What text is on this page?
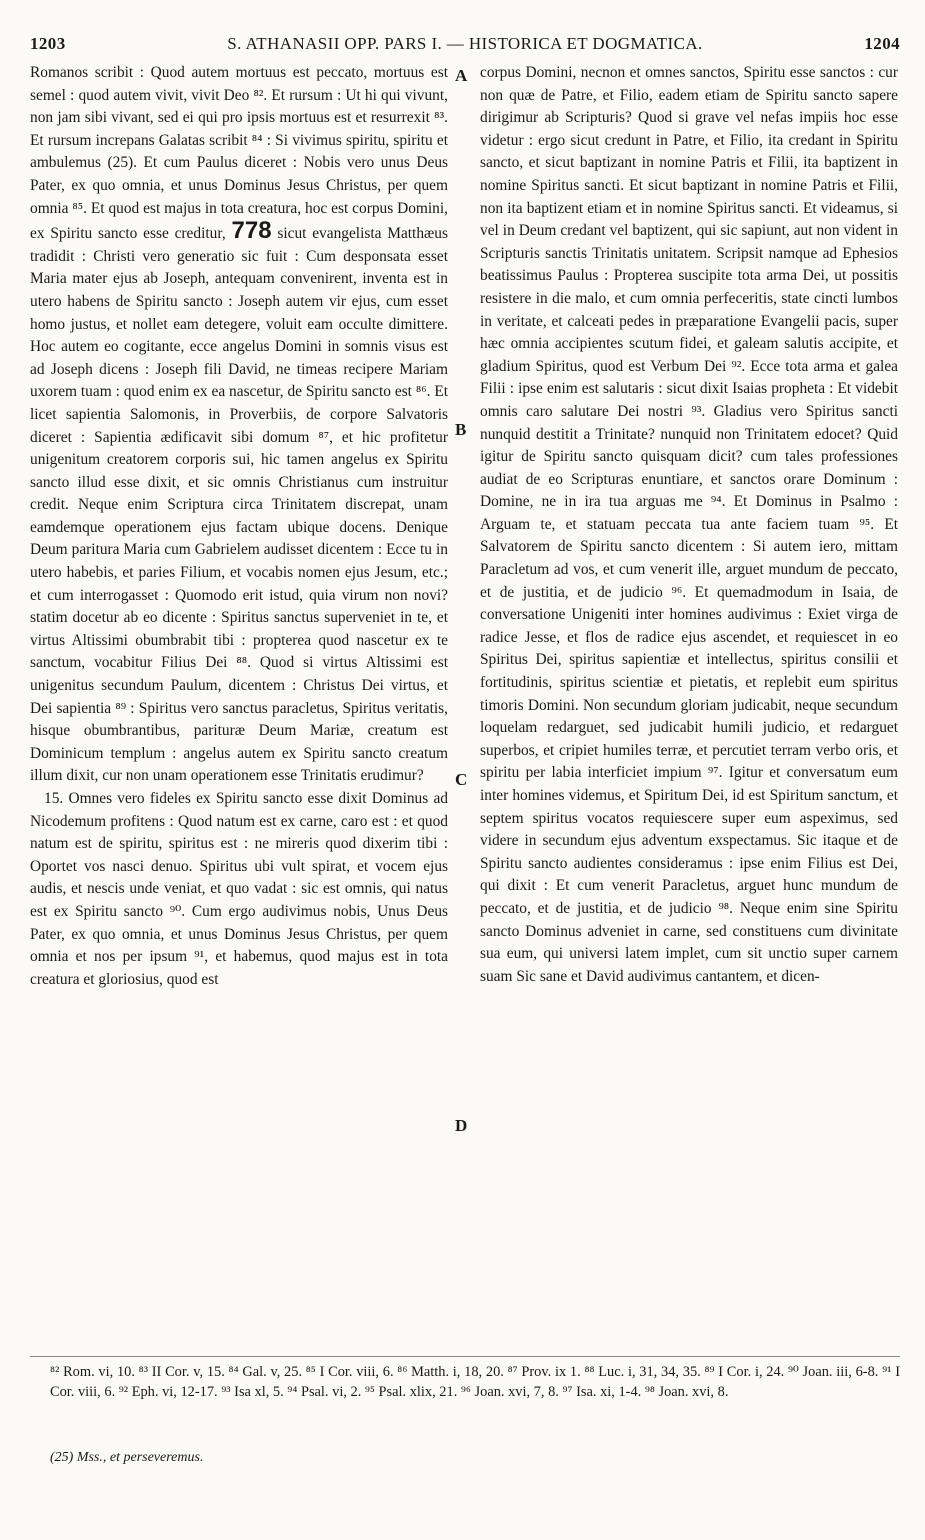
1203	S. ATHANASII OPP. PARS I. — HISTORICA ET DOGMATICA.	1204

Romanos scribit : Quod autem mortuus est peccato, mortuus est semel : quod autem vivit, vivit Deo ⁸². Et rursum : Ut hi qui vivunt, non jam sibi vivant, sed ei qui pro ipsis mortuus est et resurrexit ⁸³. Et rursum increpans Galatas scribit ⁸⁴ : Si vivimus spiritu, spiritu et ambulemus (25). Et cum Paulus diceret : Nobis vero unus Deus Pater, ex quo omnia, et unus Dominus Jesus Christus, per quem omnia ⁸⁵. Et quod est majus in tota creatura, hoc est corpus Domini, ex Spiritu sancto esse creditur, 778 sicut evangelista Matthæus tradidit : Christi vero generatio sic fuit : Cum desponsata esset Maria mater ejus ab Joseph, antequam convenirent, inventa est in utero habens de Spiritu sancto : Joseph autem vir ejus, cum esset homo justus, et nollet eam detegere, voluit eam occulte dimittere. Hoc autem eo cogitante, ecce angelus Domini in somnis visus est ad Joseph dicens : Joseph fili David, ne timeas recipere Mariam uxorem tuam : quod enim ex ea nascetur, de Spiritu sancto est ⁸⁶. Et licet sapientia Salomonis, in Proverbiis, de corpore Salvatoris diceret : Sapientia ædificavit sibi domum ⁸⁷, et hic profitetur unigenitum creatorem corporis sui, hic tamen angelus ex Spiritu sancto illud esse dixit, et sic omnis Christianus cum instruitur credit. Neque enim Scriptura circa Trinitatem discrepat, unam eamdemque operationem ejus factam ubique docens. Denique Deum paritura Maria cum Gabrielem audisset dicentem : Ecce tu in utero habebis, et paries Filium, et vocabis nomen ejus Jesum, etc.; et cum interrogasset : Quomodo erit istud, quia virum non novi? statim docetur ab eo dicente : Spiritus sanctus superveniet in te, et virtus Altissimi obumbrabit tibi : propterea quod nascetur ex te sanctum, vocabitur Filius Dei ⁸⁸. Quod si virtus Altissimi est unigenitus secundum Paulum, dicentem : Christus Dei virtus, et Dei sapientia ⁸⁹ : Spiritus vero sanctus paracletus, Spiritus veritatis, hisque obumbrantibus, parituræ Deum Mariæ, creatum est Dominicum templum : angelus autem ex Spiritu sancto creatum illum dixit, cur non unam operationem esse Trinitatis erudimur?

15. Omnes vero fideles ex Spiritu sancto esse dixit Dominus ad Nicodemum profitens : Quod natum est ex carne, caro est : et quod natum est de spiritu, spiritus est : ne mireris quod dixerim tibi : Oportet vos nasci denuo. Spiritus ubi vult spirat, et vocem ejus audis, et nescis unde veniat, et quo vadat : sic est omnis, qui natus est ex Spiritu sancto ⁹⁰. Cum ergo audivimus nobis, Unus Deus Pater, ex quo omnia, et unus Dominus Jesus Christus, per quem omnia et nos per ipsum ⁹¹, et habemus, quod majus est in tota creatura et gloriosius, quod est

corpus Domini, necnon et omnes sanctos, Spiritu esse sanctos : cur non quæ de Patre, et Filio, eadem etiam de Spiritu sancto sapere dirigimur ab Scripturis? Quod si grave vel nefas impiis hoc esse videtur : ergo sicut credunt in Patre, et Filio, ita credant in Spiritu sancto, et sicut baptizant in nomine Patris et Filii, ita baptizent in nomine Spiritus sancti. Et sicut baptizant in nomine Patris et Filii, non ita baptizent etiam et in nomine Spiritus sancti. Et videamus, si vel in Deum credant vel baptizent, qui sic sapiunt, aut non vident in Scripturis sanctis Trinitatis unitatem. Scripsit namque ad Ephesios beatissimus Paulus : Propterea suscipite tota arma Dei, ut possitis resistere in die malo, et cum omnia perfeceritis, state cincti lumbos in veritate, et calceati pedes in præparatione Evangelii pacis, super hæc omnia accipientes scutum fidei, et galeam salutis accipite, et gladium Spiritus, quod est Verbum Dei ⁹². Ecce tota arma et galea Filii : ipse enim est salutaris : sicut dixit Isaias propheta : Et videbit omnis caro salutare Dei nostri ⁹³. Gladius vero Spiritus sancti nunquid destitit a Trinitate? nunquid non Trinitatem edocet? Quid igitur de Spiritu sancto quisquam dicit? cum tales professiones audiat de eo Scripturas enuntiare, et sanctos orare Dominum : Domine, ne in ira tua arguas me ⁹⁴. Et Dominus in Psalmo : Arguam te, et statuam peccata tua ante faciem tuam ⁹⁵. Et Salvatorem de Spiritu sancto dicentem : Si autem iero, mittam Paracletum ad vos, et cum venerit ille, arguet mundum de peccato, et de justitia, et de judicio ⁹⁶. Et quemadmodum in Isaia, de conversatione Unigeniti inter homines audivimus : Exiet virga de radice Jesse, et flos de radice ejus ascendet, et requiescet in eo Spiritus Dei, spiritus sapientiæ et intellectus, spiritus consilii et fortitudinis, spiritus scientiæ et pietatis, et replebit eum spiritus timoris Domini. Non secundum gloriam judicabit, neque secundum loquelam redarguet, sed judicabit humili judicio, et redarguet superbos, et cripiet humiles terræ, et percutiet terram verbo oris, et spiritu per labia interficiet impium ⁹⁷. Igitur et conversatum eum inter homines videmus, et Spiritum Dei, id est Spiritum sanctum, et septem spiritus vocatos requiescere super eum aspeximus, sed videre in secundum ejus adventum exspectamus. Sic itaque et de Spiritu sancto audientes consideramus : ipse enim Filius est Dei, qui dixit : Et cum venerit Paracletus, arguet hunc mundum de peccato, et de justitia, et de judicio ⁹⁸. Neque enim sine Spiritu sancto Dominus adveniet in carne, sed constituens cum divinitate sua eum, qui universi latem implet, cum sit unctio super carnem suam Sic sane et David audivimus cantantem, et dicen-

A
B
C
D
⁸² Rom. vi, 10. ⁸³ II Cor. v, 15. ⁸⁴ Gal. v, 25. ⁸⁵ I Cor. viii, 6. ⁸⁶ Matth. i, 18, 20. ⁸⁷ Prov. ix 1. ⁸⁸ Luc. i, 31, 34, 35. ⁸⁹ I Cor. i, 24. ⁹⁰ Joan. iii, 6-8. ⁹¹ I Cor. viii, 6. ⁹² Eph. vi, 12-17. ⁹³ Isa xl, 5. ⁹⁴ Psal. vi, 2. ⁹⁵ Psal. xlix, 21. ⁹⁶ Joan. xvi, 7, 8. ⁹⁷ Isa. xi, 1-4. ⁹⁸ Joan. xvi, 8.
(25) Mss., et perseveremus.
